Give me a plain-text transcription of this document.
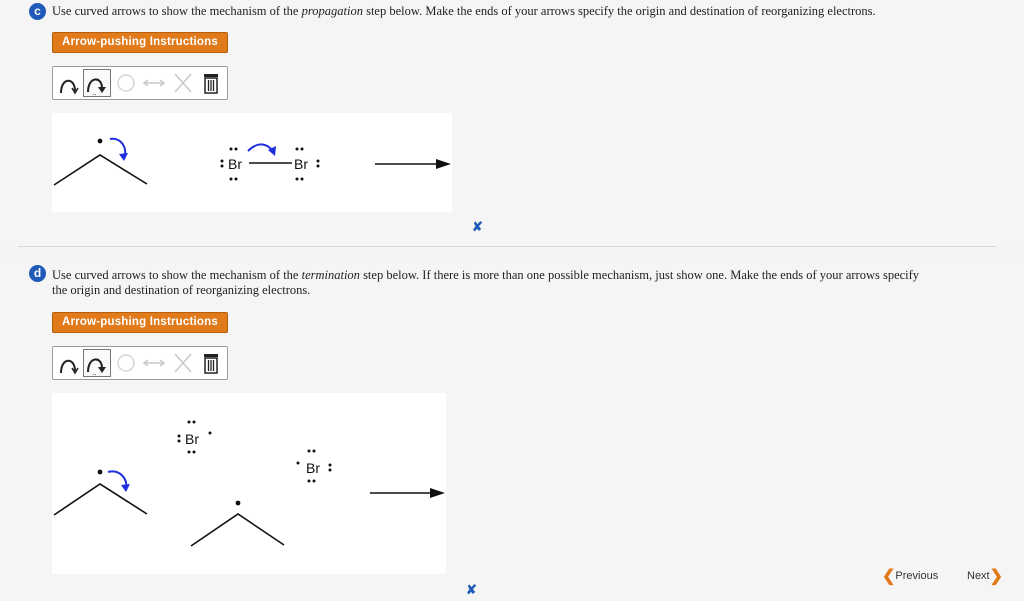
c Use curved arrows to show the mechanism of the propagation step below. Make the ends of your arrows specify the origin and destination of reorganizing electrons.
Arrow-pushing Instructions
..
Br	Br
✘
d Use curved arrows to show the mechanism of the termination step below. If there is more than one possible mechanism, just show one. Make the ends of your arrows specify
the origin and destination of reorganizing electrons.
Arrow-pushing Instructions
..
Br
Br
✘
❮Previous	Next❯
